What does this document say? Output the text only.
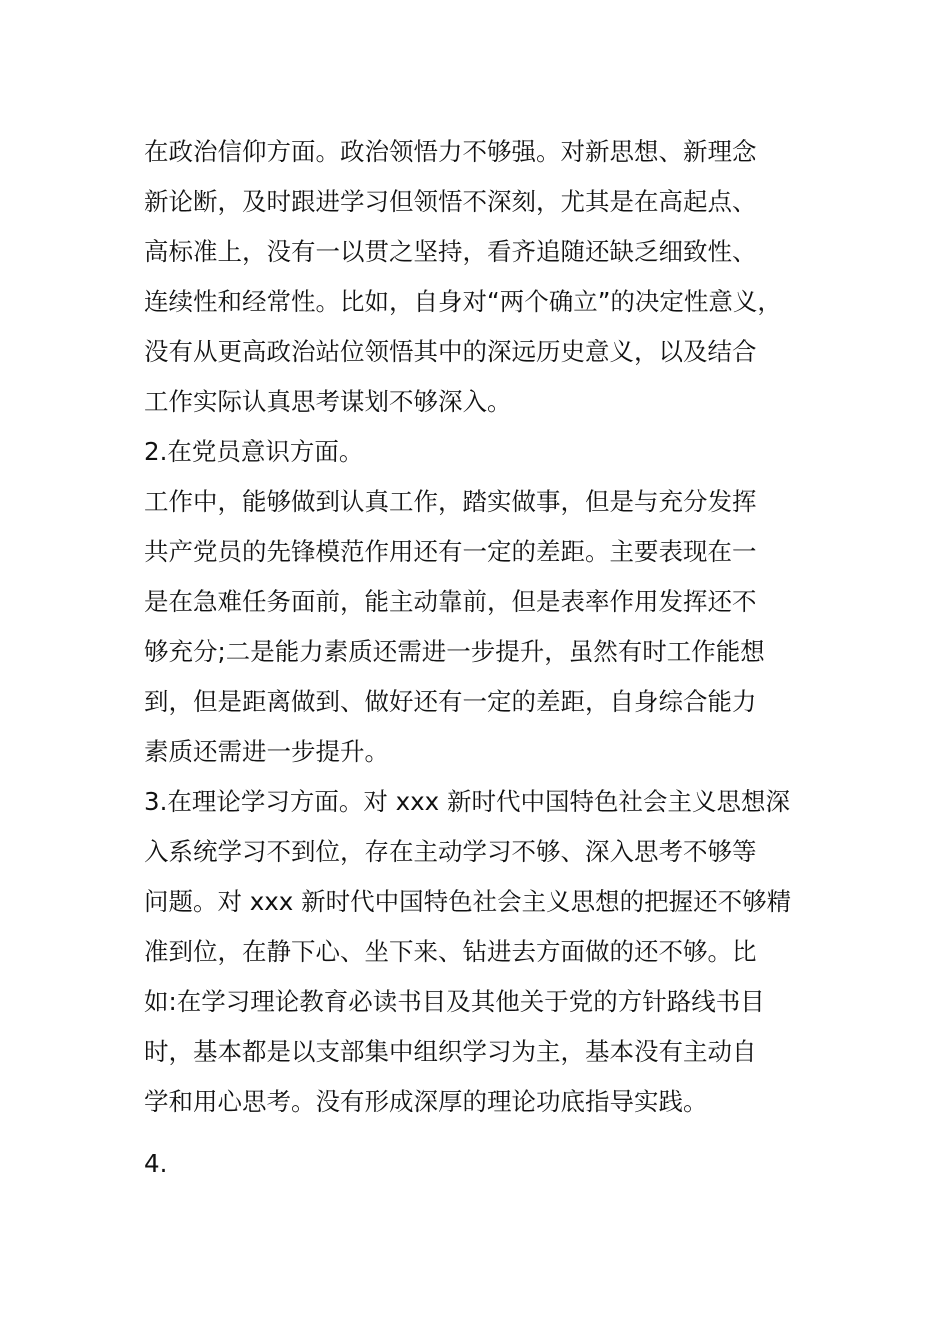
在政治信仰方面。政治领悟力不够强。对新思想、新理念
新论断，及时跟进学习但领悟不深刻，尤其是在高起点、
高标准上，没有一以贯之坚持，看齐追随还缺乏细致性、
连续性和经常性。比如，自身对“两个确立”的决定性意义，
没有从更高政治站位领悟其中的深远历史意义，以及结合
工作实际认真思考谋划不够深入。
2.在党员意识方面。
工作中，能够做到认真工作，踏实做事，但是与充分发挥
共产党员的先锋模范作用还有一定的差距。主要表现在一
是在急难任务面前，能主动靠前，但是表率作用发挥还不
够充分;二是能力素质还需进一步提升，虽然有时工作能想
到，但是距离做到、做好还有一定的差距，自身综合能力
素质还需进一步提升。
3.在理论学习方面。对 xxx 新时代中国特色社会主义思想深
入系统学习不到位，存在主动学习不够、深入思考不够等
问题。对 xxx 新时代中国特色社会主义思想的把握还不够精
准到位，在静下心、坐下来、钻进去方面做的还不够。比
如:在学习理论教育必读书目及其他关于党的方针路线书目
时，基本都是以支部集中组织学习为主，基本没有主动自
学和用心思考。没有形成深厚的理论功底指导实践。
4.
